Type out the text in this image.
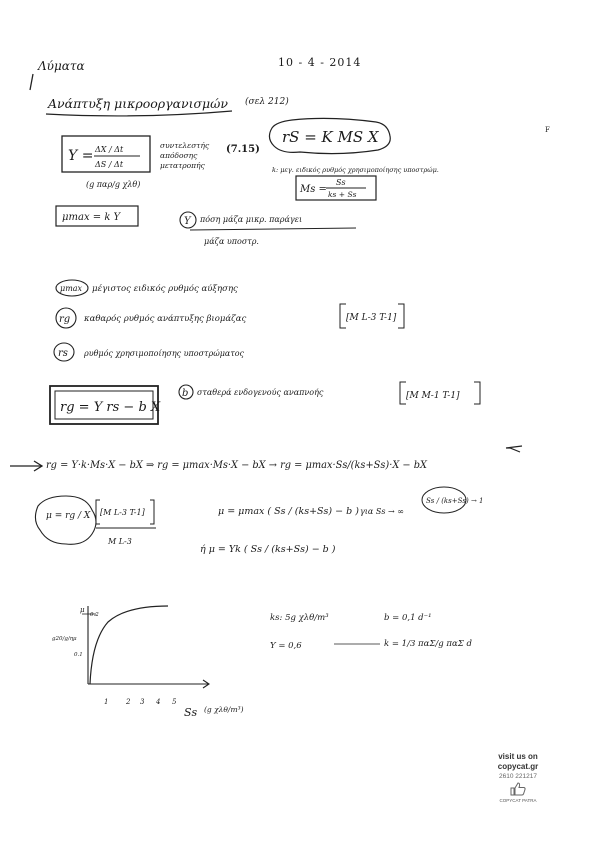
Λύματα	10 - 4 - 2014
Ανάπτυξη μικροοργανισμών (σελ 212)
Y = ΔX / Δt
ΔS / Δt
συντελεστής
απόδοσης
μετατροπής
(g παρ/g χλθ)
(7.15)
rS = K MS X
k: μεγ. ειδικός ρυθμός χρησιμοποίησης υποστρώμ.
Ms =
Ss
ks + Ss
F
μmax = k Y	Y πόση μάζα μικρ. παράγει
μάζα υποστρ.
μmax μέγιστος ειδικός ρυθμός αύξησης
rg καθαρός ρυθμός ανάπτυξης βιομάζας	[M L-3 T-1]
rs ρυθμός χρησιμοποίησης υποστρώματος
rg = Y rs − b X
b σταθερά ενδογενούς αναπνοής	[M M-1 T-1]
rg = Y·k·Ms·X − bX ⇒ rg = μmax·Ms·X − bX → rg = μmax·Ss/(ks+Ss)·X − bX
μ = rg / X [M L-3 T-1]
M L-3
μ = μmax ( Ss / (ks+Ss) − b ) για Ss → ∞
Ss / (ks+Ss) → 1
ή μ = Yk ( Ss / (ks+Ss) − b )
μ
g20/g/ημ
0.2
0.1
1	2 3 4 5
Ss (g χλθ/m³)
ks: 5g χλθ/m³	b = 0,1 d⁻¹
Y = 0,6	k = 1/3 παΣ/g παΣ d
visit us on
copycat.gr
2610 221217
COPYCAT PATRA
